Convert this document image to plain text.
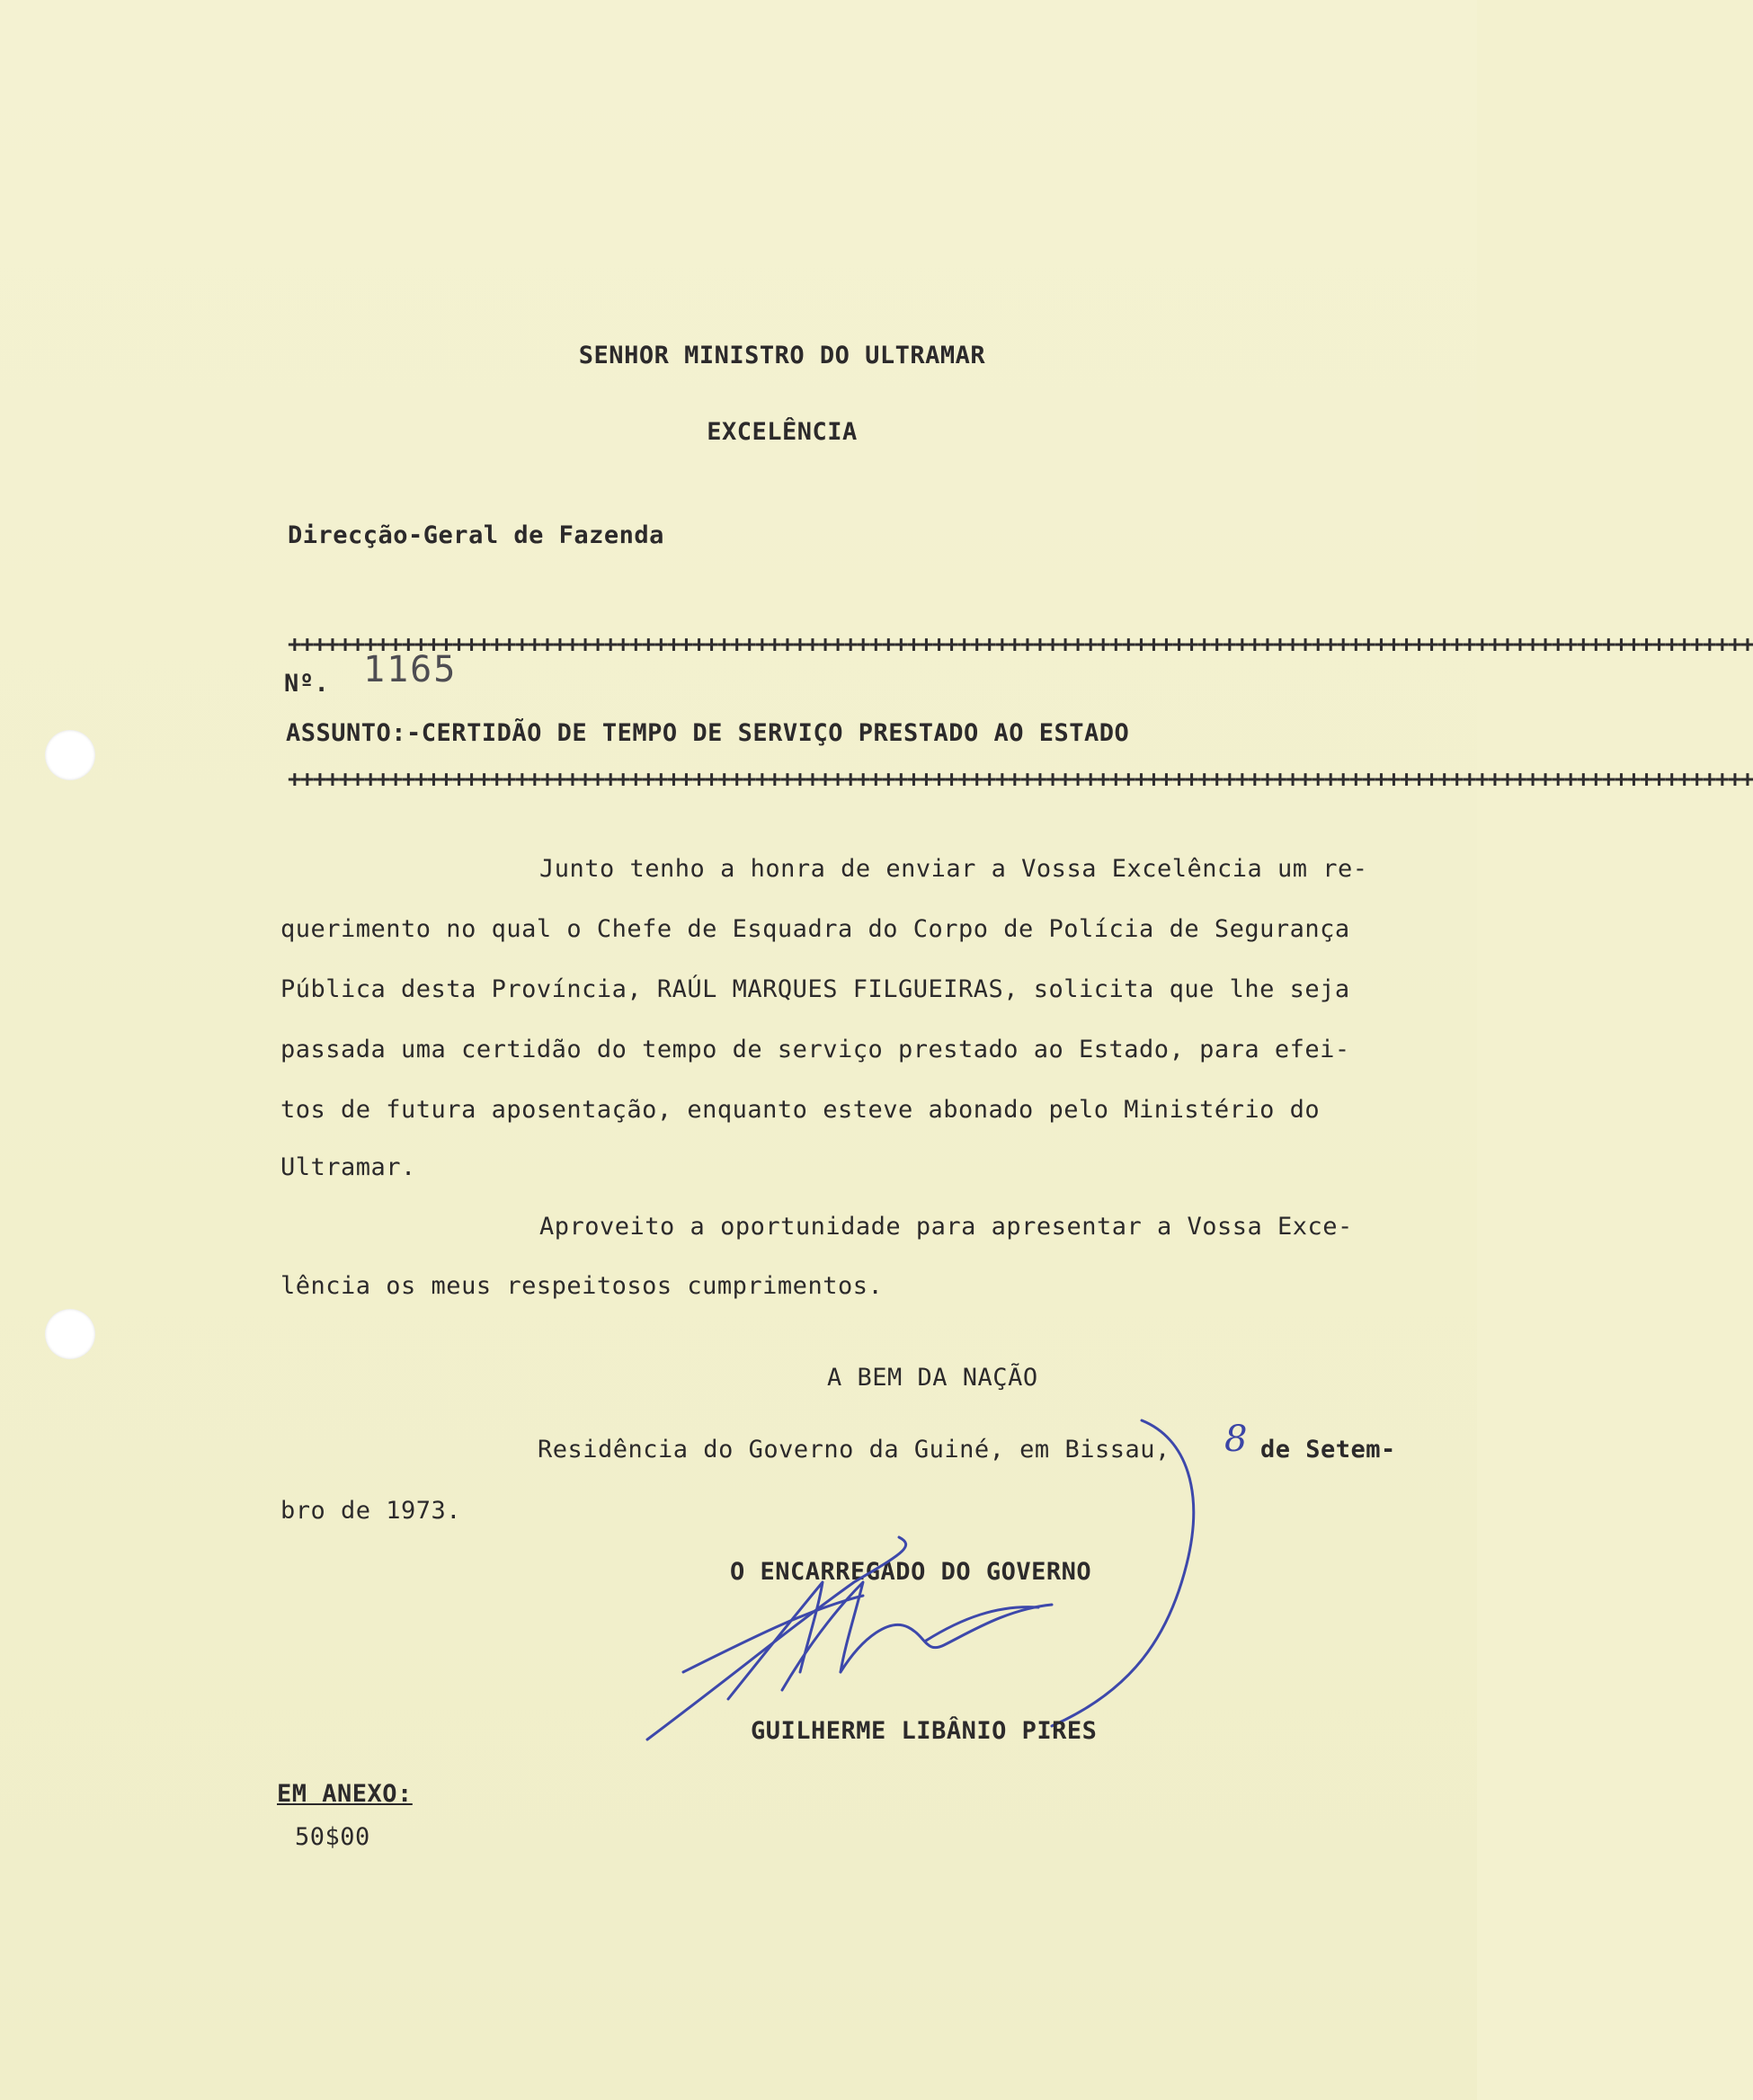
SENHOR MINISTRO DO ULTRAMAR
EXCELÊNCIA
Direcção-Geral de Fazenda
++++++++++++++++++++++++++++++++++++++++++++++++++++++++++++++++++++++++++++++++++++++++++++++++++++++++++++++++++++
Nº. 1165
ASSUNTO:-CERTIDÃO DE TEMPO DE SERVIÇO PRESTADO AO ESTADO
++++++++++++++++++++++++++++++++++++++++++++++++++++++++++++++++++++++++++++++++++++++++++++++++++++++++++++++++++++
Junto tenho a honra de enviar a Vossa Excelência um re-
querimento no qual o Chefe de Esquadra do Corpo de Polícia de Segurança
Pública desta Província, RAÚL MARQUES FILGUEIRAS, solicita que lhe seja
passada uma certidão do tempo de serviço prestado ao Estado, para efei-
tos de futura aposentação, enquanto esteve abonado pelo Ministério do
Ultramar.
Aproveito a oportunidade para apresentar a Vossa Exce-
lência os meus respeitosos cumprimentos.
A BEM DA NAÇÃO
Residência do Governo da Guiné, em Bissau, 8 de Setem-
bro de 1973.
O ENCARREGADO DO GOVERNO
GUILHERME LIBÂNIO PIRES
EM ANEXO:
50$00
